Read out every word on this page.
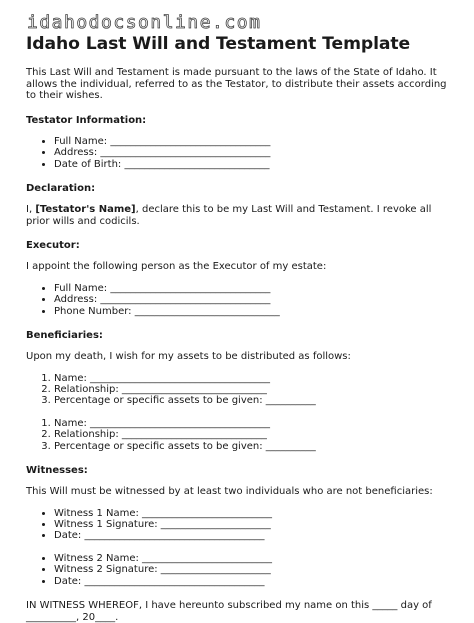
idahodocsonline.com
Idaho Last Will and Testament Template

This Last Will and Testament is made pursuant to the laws of the State of Idaho. It allows the individual, referred to as the Testator, to distribute their assets according to their wishes.

Testator Information:
• Full Name: ________________________________
• Address: __________________________________
• Date of Birth: _____________________________
Declaration:

I, [Testator's Name], declare this to be my Last Will and Testament. I revoke all prior wills and codicils.

Executor:

I appoint the following person as the Executor of my estate:

• Full Name: ________________________________
• Address: __________________________________
• Phone Number: _____________________________
Beneficiaries:

Upon my death, I wish for my assets to be distributed as follows:

1. Name: ____________________________________
2. Relationship: _____________________________
3. Percentage or specific assets to be given: __________
1. Name: ____________________________________
2. Relationship: _____________________________
3. Percentage or specific assets to be given: __________
Witnesses:

This Will must be witnessed by at least two individuals who are not beneficiaries:

• Witness 1 Name: __________________________
• Witness 1 Signature: ______________________
• Date: ____________________________________
• Witness 2 Name: __________________________
• Witness 2 Signature: ______________________
• Date: ____________________________________

IN WITNESS WHEREOF, I have hereunto subscribed my name on this _____ day of __________, 20____.
